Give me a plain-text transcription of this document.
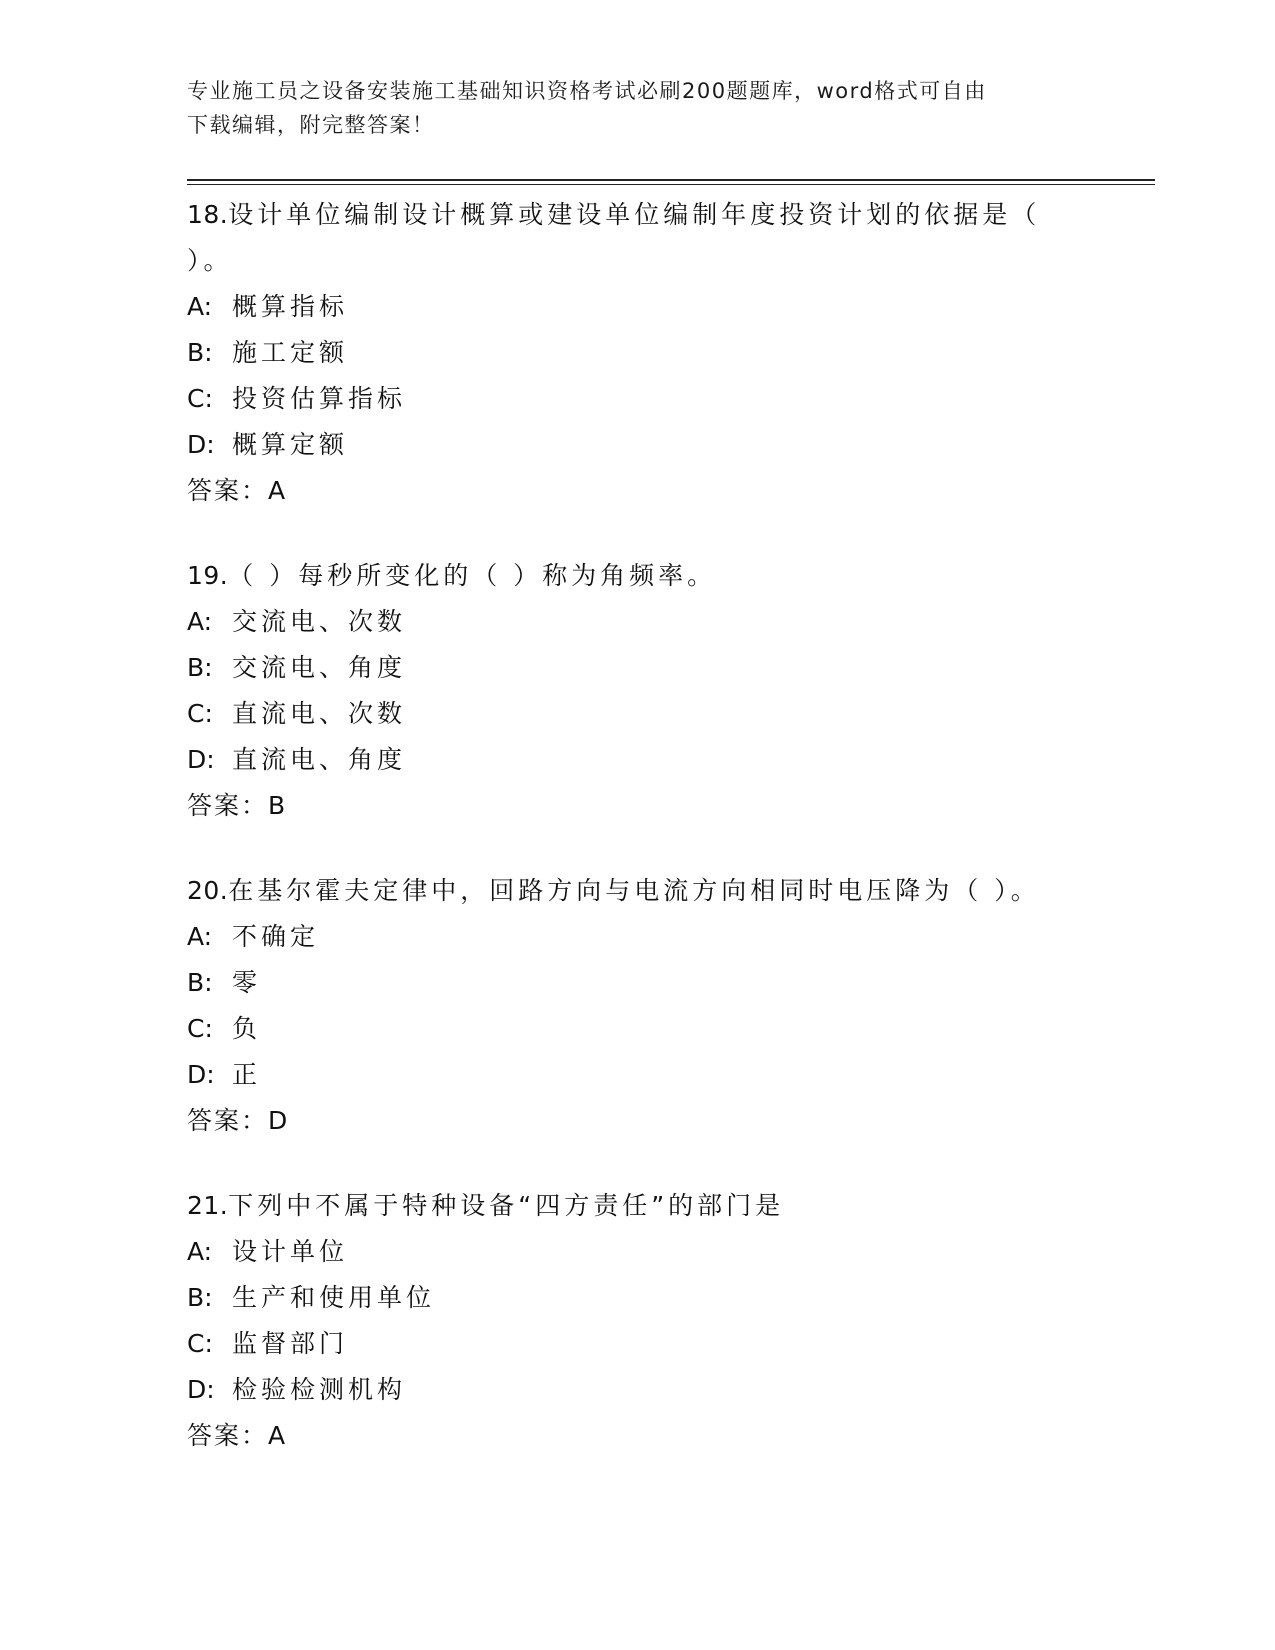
专业施工员之设备安装施工基础知识资格考试必刷200题题库，word格式可自由
下载编辑，附完整答案！

18.设计单位编制设计概算或建设单位编制年度投资计划的依据是（

）。

A: 概算指标

B: 施工定额

C: 投资估算指标

D: 概算定额

答案：A

19.（ ）每秒所变化的（ ）称为角频率。

A: 交流电、次数

B: 交流电、角度

C: 直流电、次数

D: 直流电、角度

答案：B

20.在基尔霍夫定律中，回路方向与电流方向相同时电压降为（ ）。

A: 不确定

B: 零

C: 负

D: 正

答案：D

21.下列中不属于特种设备“四方责任”的部门是

A: 设计单位

B: 生产和使用单位

C: 监督部门

D: 检验检测机构

答案：A
